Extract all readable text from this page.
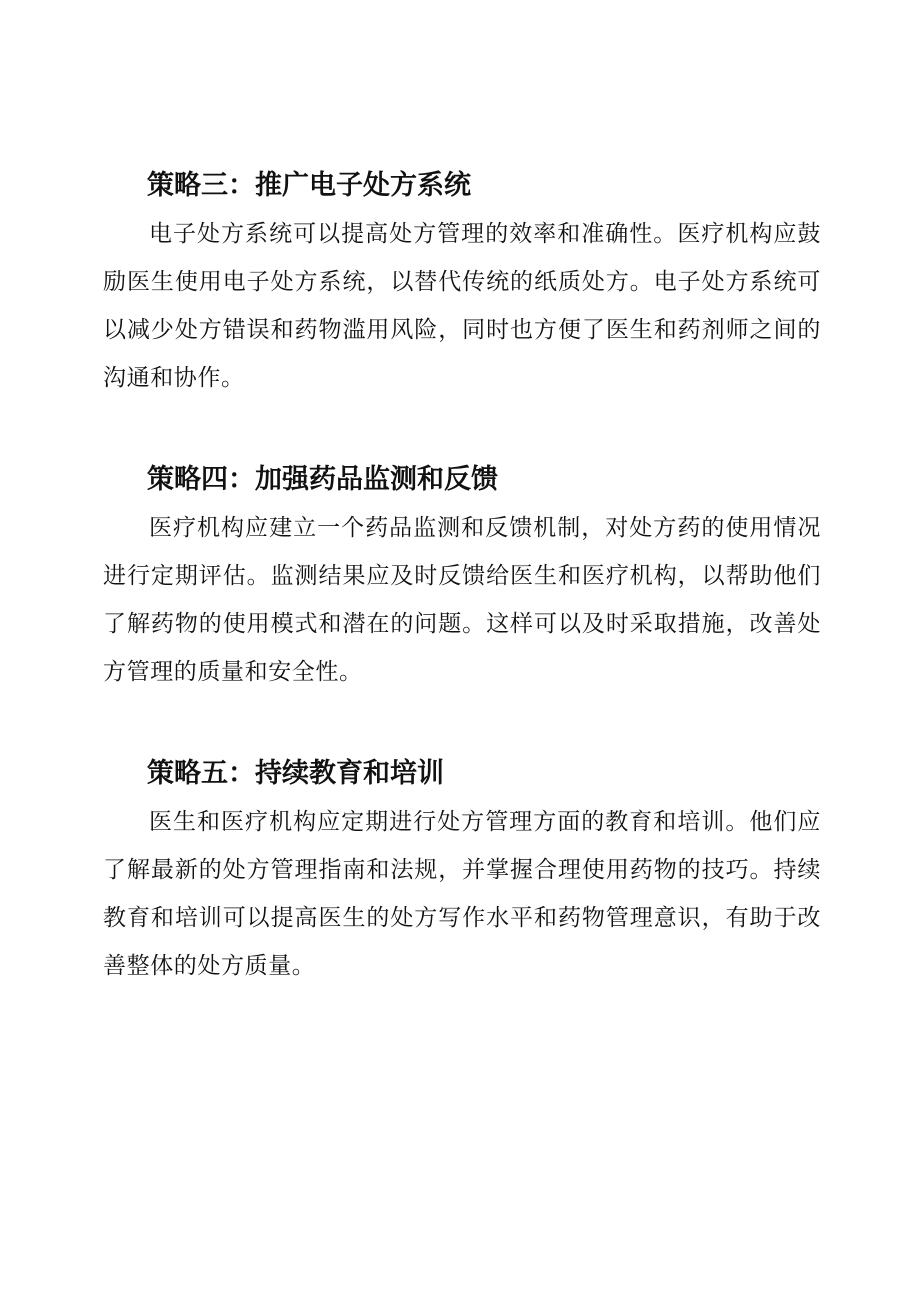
策略三：推广电子处方系统

电子处方系统可以提高处方管理的效率和准确性。医疗机构应鼓励医生使用电子处方系统，以替代传统的纸质处方。电子处方系统可以减少处方错误和药物滥用风险，同时也方便了医生和药剂师之间的沟通和协作。

策略四：加强药品监测和反馈

医疗机构应建立一个药品监测和反馈机制，对处方药的使用情况进行定期评估。监测结果应及时反馈给医生和医疗机构，以帮助他们了解药物的使用模式和潜在的问题。这样可以及时采取措施，改善处方管理的质量和安全性。

策略五：持续教育和培训

医生和医疗机构应定期进行处方管理方面的教育和培训。他们应了解最新的处方管理指南和法规，并掌握合理使用药物的技巧。持续教育和培训可以提高医生的处方写作水平和药物管理意识，有助于改善整体的处方质量。
